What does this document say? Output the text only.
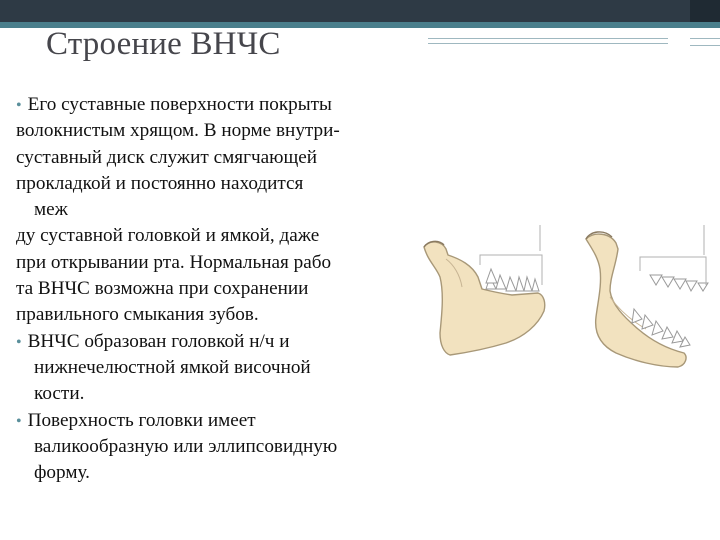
Строение ВНЧС
• Его суставные поверхности покрыты
волокнистым хрящом. В норме внутри-
суставный диск служит смягчающей
прокладкой и постоянно находится
меж
ду суставной головкой и ямкой, даже
при открывании рта. Нормальная рабо
та ВНЧС возможна при сохранении
правильного смыкания зубов.
• ВНЧС образован головкой н/ч и
нижнечелюстной ямкой височной
кости.
• Поверхность головки имеет
валикообразную или эллипсовидную
форму.
